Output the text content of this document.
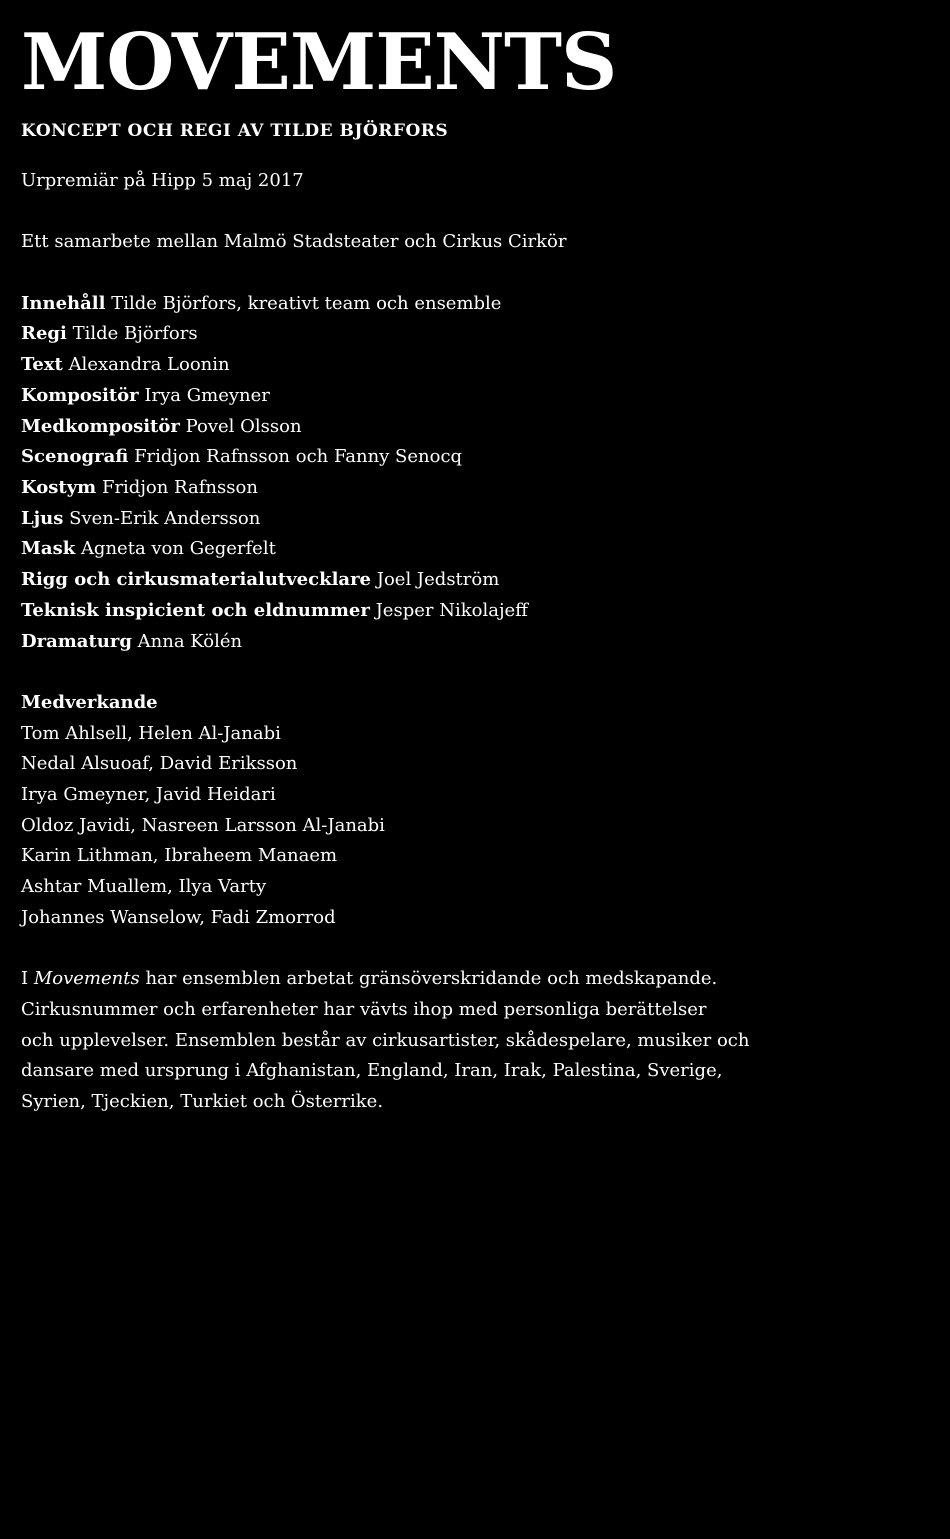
MOVEMENTS
KONCEPT OCH REGI AV TILDE BJÖRFORS

Urpremiär på Hipp 5 maj 2017

Ett samarbete mellan Malmö Stadsteater och Cirkus Cirkör

Innehåll Tilde Björfors, kreativt team och ensemble

Regi Tilde Björfors

Text Alexandra Loonin

Kompositör Irya Gmeyner

Medkompositör Povel Olsson

Scenografi Fridjon Rafnsson och Fanny Senocq

Kostym Fridjon Rafnsson

Ljus Sven-Erik Andersson

Mask Agneta von Gegerfelt

Rigg och cirkusmaterialutvecklare Joel Jedström

Teknisk inspicient och eldnummer Jesper Nikolajeff

Dramaturg Anna Kölén

Medverkande

Tom Ahlsell, Helen Al-Janabi

Nedal Alsuoaf, David Eriksson

Irya Gmeyner, Javid Heidari

Oldoz Javidi, Nasreen Larsson Al-Janabi

Karin Lithman, Ibraheem Manaem

Ashtar Muallem, Ilya Varty

Johannes Wanselow, Fadi Zmorrod

I Movements har ensemblen arbetat gränsöverskridande och medskapande.

Cirkusnummer och erfarenheter har vävts ihop med personliga berättelser

och upplevelser. Ensemblen består av cirkusartister, skådespelare, musiker och

dansare med ursprung i Afghanistan, England, Iran, Irak, Palestina, Sverige,

Syrien, Tjeckien, Turkiet och Österrike.
